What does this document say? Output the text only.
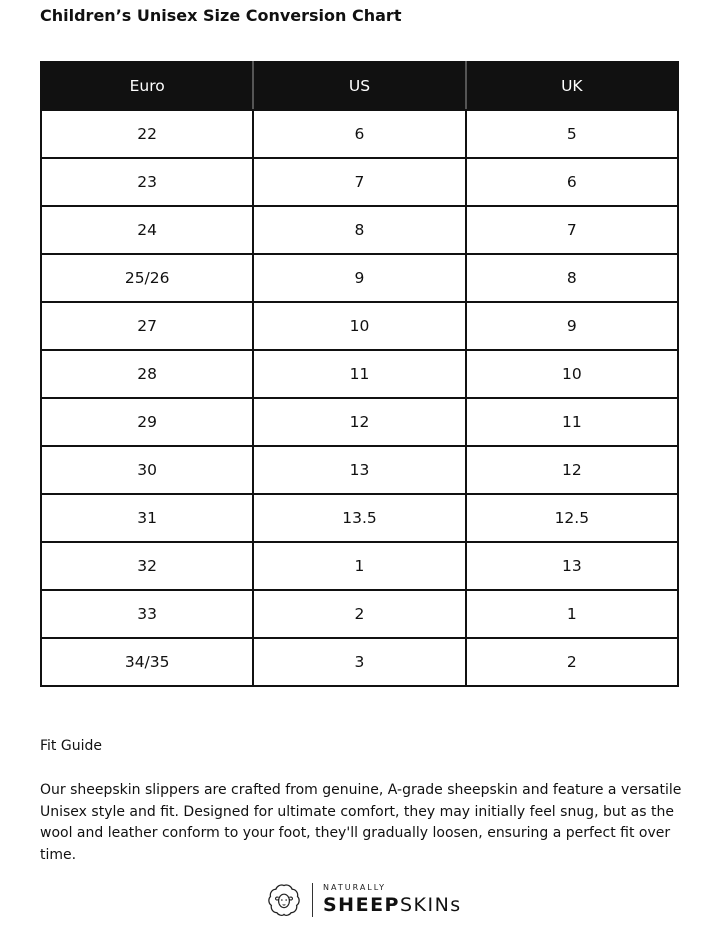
Children’s Unisex Size Conversion Chart
Euro	US	UK
22	6	5
23	7	6
24	8	7
25/26	9	8
27	10	9
28	11	10
29	12	11
30	13	12
31	13.5	12.5
32	1	13
33	2	1
34/35	3	2
Fit Guide
Our sheepskin slippers are crafted from genuine, A-grade sheepskin and feature a versatile Unisex style and fit. Designed for ultimate comfort, they may initially feel snug, but as the wool and leather conform to your foot, they'll gradually loosen, ensuring a perfect fit over time.
NATURALLY
SHEEPSKINs
